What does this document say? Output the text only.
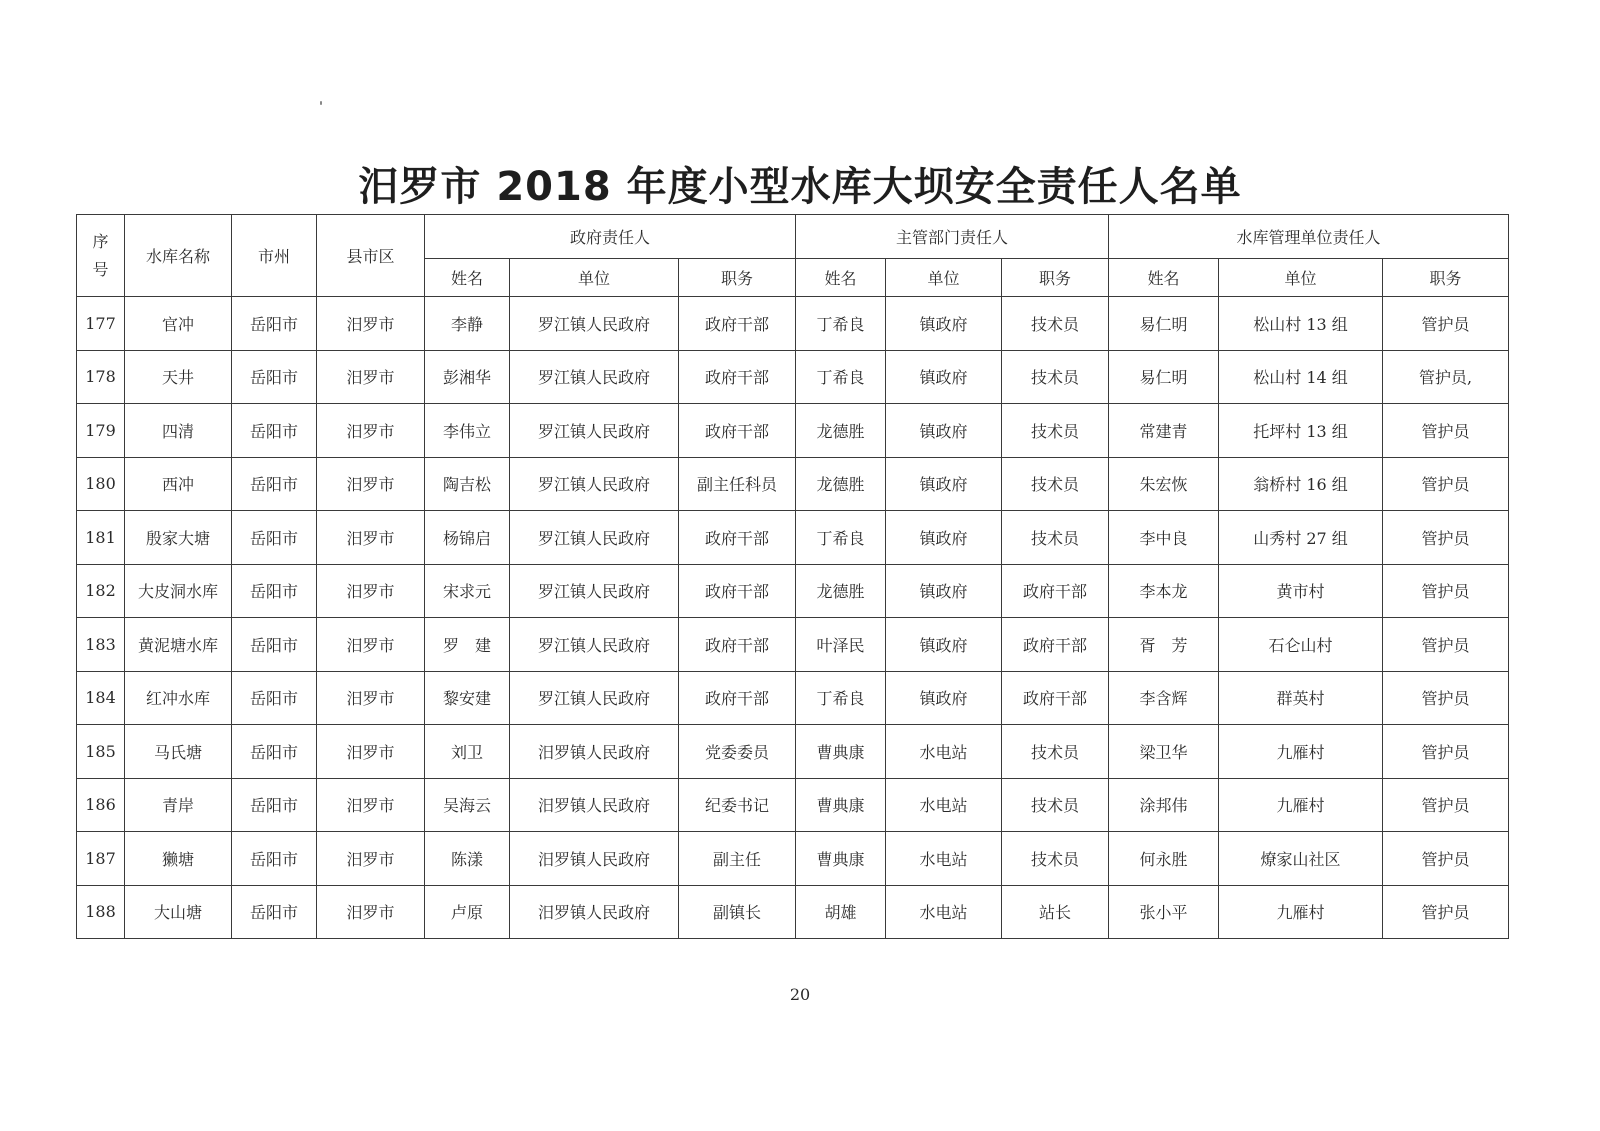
汨罗市 2018 年度小型水库大坝安全责任人名单
序
号	水库名称	市州	县市区	政府责任人			主管部门责任人			水库管理单位责任人		
				姓名	单位	职务	姓名	单位	职务	姓名	单位	职务
177	官冲	岳阳市	汨罗市	李静	罗江镇人民政府	政府干部	丁希良	镇政府	技术员	易仁明	松山村 13 组	管护员
178	天井	岳阳市	汨罗市	彭湘华	罗江镇人民政府	政府干部	丁希良	镇政府	技术员	易仁明	松山村 14 组	管护员,
179	四清	岳阳市	汨罗市	李伟立	罗江镇人民政府	政府干部	龙德胜	镇政府	技术员	常建青	托坪村 13 组	管护员
180	西冲	岳阳市	汨罗市	陶吉松	罗江镇人民政府	副主任科员	龙德胜	镇政府	技术员	朱宏恢	翁桥村 16 组	管护员
181	殷家大塘	岳阳市	汨罗市	杨锦启	罗江镇人民政府	政府干部	丁希良	镇政府	技术员	李中良	山秀村 27 组	管护员
182	大皮洞水库	岳阳市	汨罗市	宋求元	罗江镇人民政府	政府干部	龙德胜	镇政府	政府干部	李本龙	黄市村	管护员
183	黄泥塘水库	岳阳市	汨罗市	罗　建	罗江镇人民政府	政府干部	叶泽民	镇政府	政府干部	胥　芳	石仑山村	管护员
184	红冲水库	岳阳市	汨罗市	黎安建	罗江镇人民政府	政府干部	丁希良	镇政府	政府干部	李含辉	群英村	管护员
185	马氏塘	岳阳市	汨罗市	刘卫	汨罗镇人民政府	党委委员	曹典康	水电站	技术员	梁卫华	九雁村	管护员
186	青岸	岳阳市	汨罗市	吴海云	汨罗镇人民政府	纪委书记	曹典康	水电站	技术员	涂邦伟	九雁村	管护员
187	獭塘	岳阳市	汨罗市	陈漾	汨罗镇人民政府	副主任	曹典康	水电站	技术员	何永胜	燎家山社区	管护员
188	大山塘	岳阳市	汨罗市	卢原	汨罗镇人民政府	副镇长	胡雄	水电站	站长	张小平	九雁村	管护员
20
